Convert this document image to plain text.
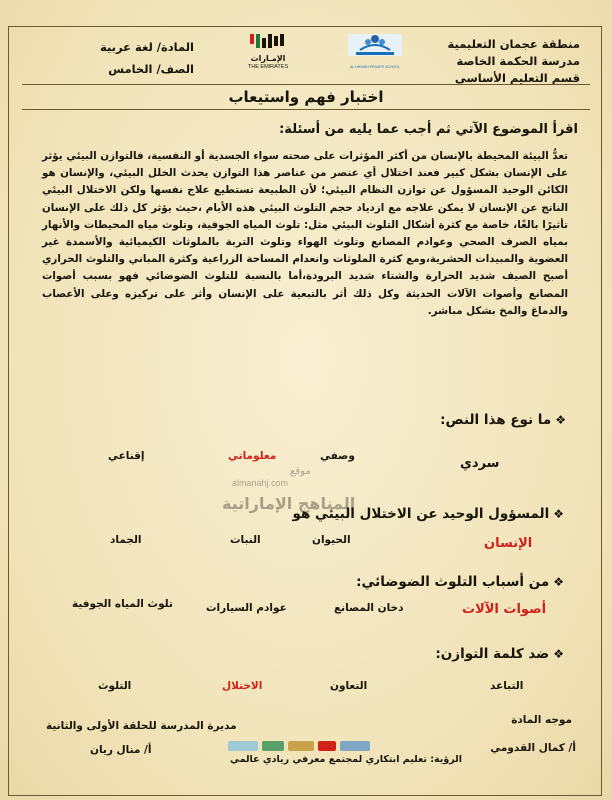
منطقة عجمان التعليمية
مدرسة الحكمة الخاصة
قسم التعليم الأساسي
المادة/ لغة عربية
الصف/ الخامس
الإمـارات
THE EMIRATES	AL HIKMAH PRIVATE SCHOOL
اختبار فهم واستيعاب
اقرأ الموضوع الآتي ثم أجب عما يليه من أسئلة:
تعدُّ البيئة المحيطة بالإنسان من أكثر المؤثرات على صحته سواء الجسدية أو النفسية، فالتوازن البيئي يؤثر على الإنسان بشكل كبير فعند اختلال أي عنصر من عناصر هذا التوازن يحدث الخلل البيئي، والإنسان هو الكائن الوحيد المسؤول عن توازن النظام البيئي؛ لأن الطبيعة تستطيع علاج نفسها ولكن الاختلال البيئي الناتج عن الإنسان لا يمكن علاجه مع ازدياد حجم التلوث البيئي هذه الأيام ،حيث يؤثر كل ذلك على الإنسان تأثيرًا بالغًا، خاصة مع كثرة أشكال التلوث البيئي مثل: تلوث المياه الجوفية، وتلوث مياه المحيطات والأنهار بمياه الصرف الصحي وعوادم المصانع وتلوث الهواء وتلوث التربة بالملوثات الكيميائية والأسمدة غير العضوية والمبيدات الحشرية،ومع كثرة الملوثات وانعدام المساحة الزراعية وكثرة المباني والتلوث الحراري أصبح الصيف شديد الحرارة والشتاء شديد البرودة،أما بالنسبة للتلوث الضوضائي فهو بسبب أصوات المصانع وأصوات الآلات الحديثة وكل ذلك أثر بالتبعية على الإنسان وأثر على تركيزه وعلى الأعصاب والدماغ والمخ بشكل مباشر.
❖ما نوع هذا النص:
سردي
وصفي
معلوماتي
إقناعي
موقع
almanahj.com
المناهج الإماراتية
❖المسؤول الوحيد عن الاختلال البيئي هو
الإنسان
الحيوان
النبات
الجماد
❖من أسباب التلوث الضوضائي:
أصوات الآلات
دخان المصانع
عوادم السيارات
تلوث المياه الجوفية
❖ضد كلمة التوازن:
التباعد
التعاون
الاختلال
التلوث
موجه المادة
أ/ كمال القدومي
مديرة المدرسة للحلقة الأولى والثانية
أ/ منال ريان
الرؤية: تعليم ابتكاري لمجتمع معرفي ريادي عالمي
